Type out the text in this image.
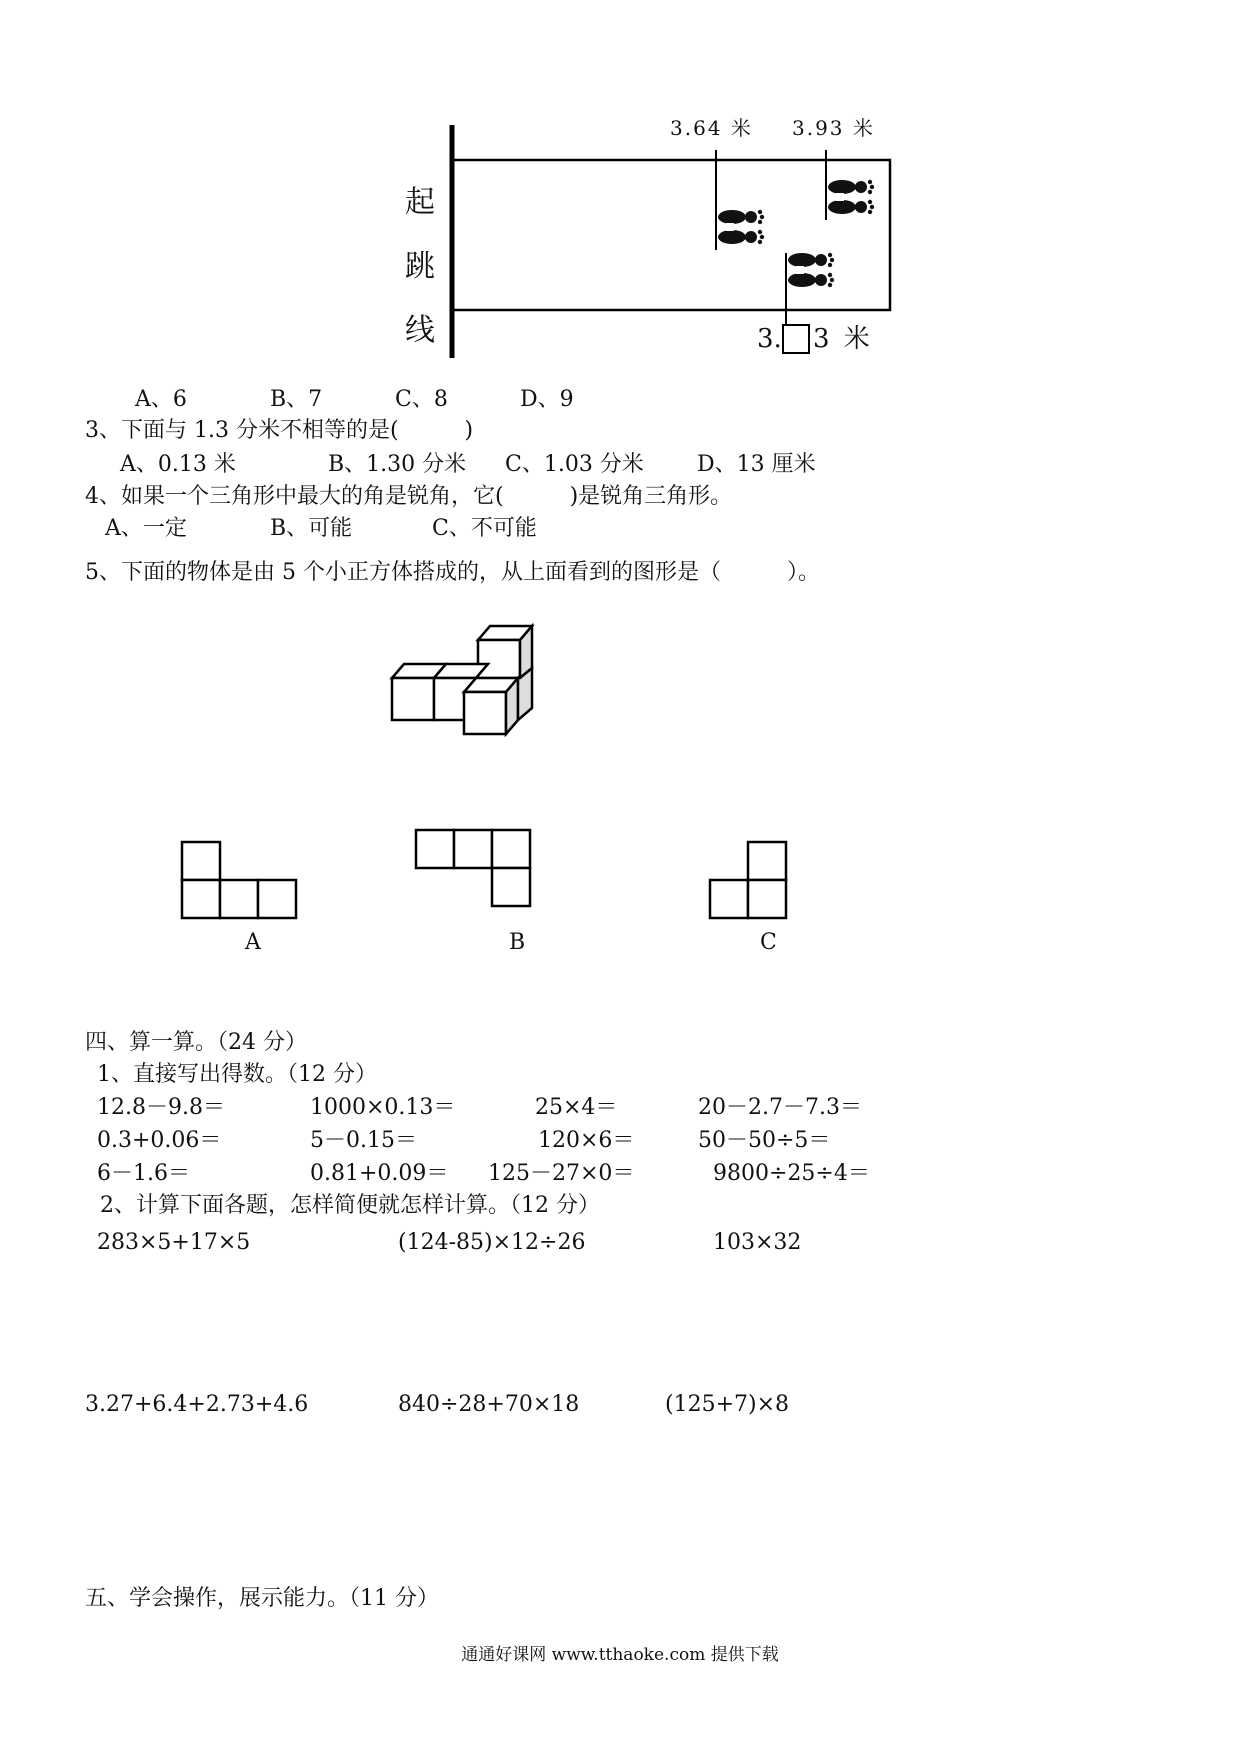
起
跳
线
3.64 米 3.93 米
3. 3 米
A、6	B、7	C、8	D、9
3、下面与 1.3 分米不相等的是(　　　)
A、0.13 米	B、1.30 分米 C、1.03 分米 D、13 厘米
4、如果一个三角形中最大的角是锐角，它(　　　)是锐角三角形。
A、一定	B、可能	C、不可能
5、下面的物体是由 5 个小正方体搭成的，从上面看到的图形是（　　　）。
A	B	C
四、算一算。（24 分）
1、直接写出得数。（12 分）
12.8－9.8＝	1000×0.13＝	25×4＝	20－2.7－7.3＝
0.3+0.06＝	5－0.15＝	120×6＝	50－50÷5＝
6－1.6＝	0.81+0.09＝ 125－27×0＝	9800÷25÷4＝
2、计算下面各题，怎样简便就怎样计算。（12 分）
283×5+17×5	(124-85)×12÷26	103×32
3.27+6.4+2.73+4.6	840÷28+70×18	(125+7)×8
五、学会操作，展示能力。（11 分）
通通好课网 www.tthaoke.com 提供下载
